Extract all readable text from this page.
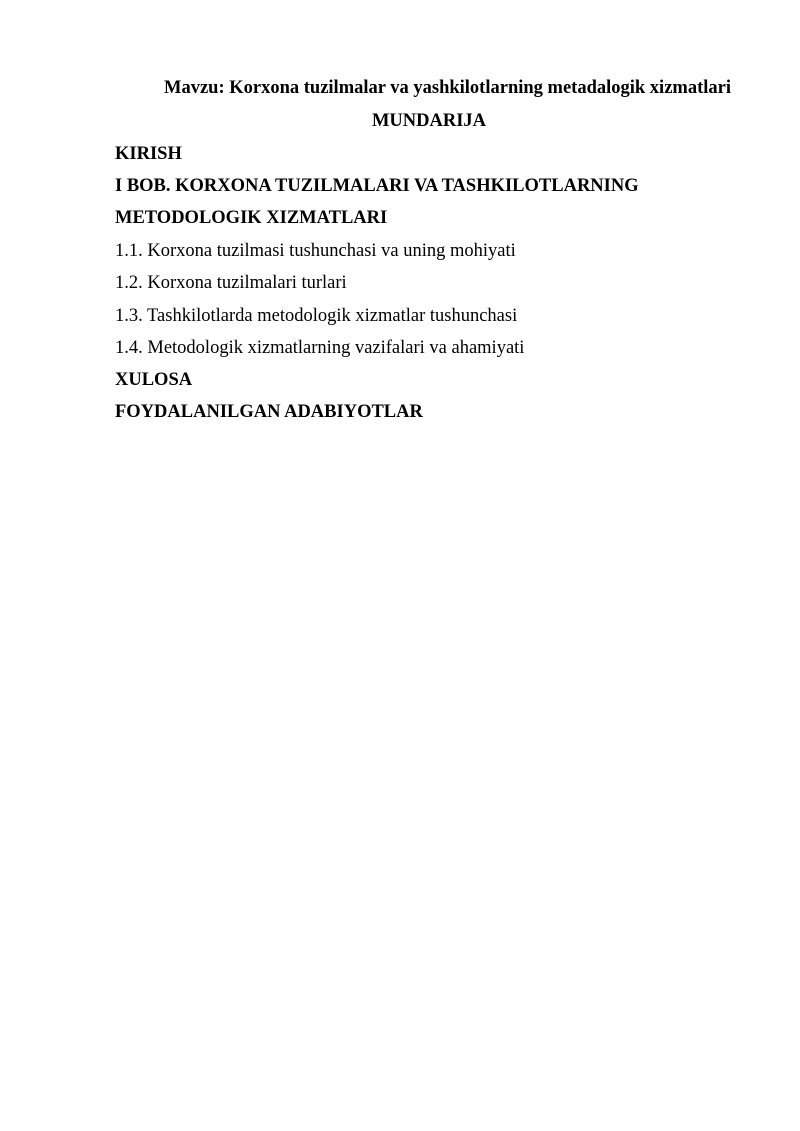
Mavzu: Korxona tuzilmalar va yashkilotlarning metadalogik xizmatlari
MUNDARIJA
KIRISH
I BOB. KORXONA TUZILMALARI VA TASHKILOTLARNING
METODOLOGIK XIZMATLARI
1.1. Korxona tuzilmasi tushunchasi va uning mohiyati
1.2. Korxona tuzilmalari turlari
1.3. Tashkilotlarda metodologik xizmatlar tushunchasi
1.4. Metodologik xizmatlarning vazifalari va ahamiyati
XULOSA
FOYDALANILGAN ADABIYOTLAR
